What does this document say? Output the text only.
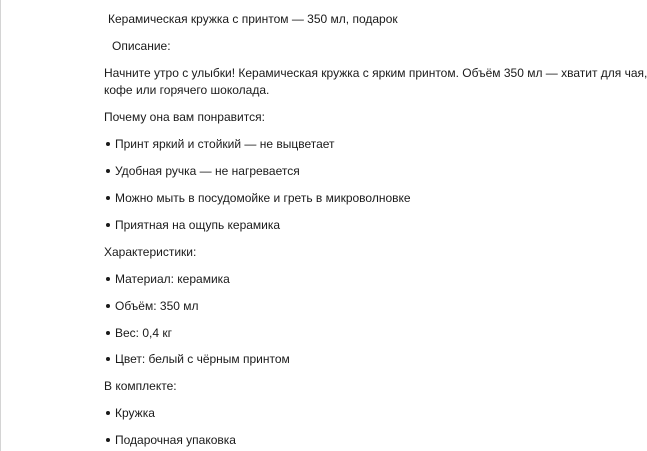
Керамическая кружка с принтом — 350 мл, подарок

Описание:

Начните утро с улыбки! Керамическая кружка с ярким принтом. Объём 350 мл — хватит для чая,

кофе или горячего шоколада.

Почему она вам понравится:

Принт яркий и стойкий — не выцветает

Удобная ручка — не нагревается

Можно мыть в посудомойке и греть в микроволновке

Приятная на ощупь керамика

Характеристики:

Материал: керамика

Объём: 350 мл

Вес: 0,4 кг

Цвет: белый с чёрным принтом

В комплекте:

Кружка

Подарочная упаковка
